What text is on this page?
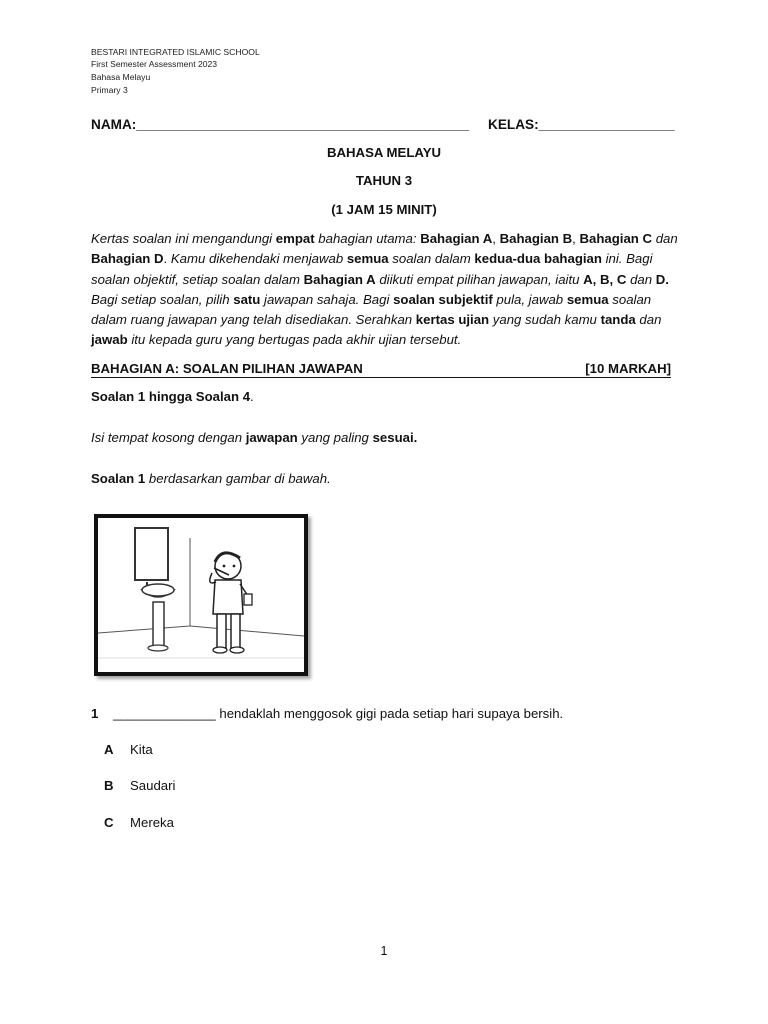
BESTARI INTEGRATED ISLAMIC SCHOOL
First Semester Assessment 2023
Bahasa Melayu
Primary 3
NAMA:____________________________________________ KELAS:__________________
BAHASA MELAYU
TAHUN 3
(1 JAM 15 MINIT)
Kertas soalan ini mengandungi empat bahagian utama: Bahagian A, Bahagian B, Bahagian C dan Bahagian D. Kamu dikehendaki menjawab semua soalan dalam kedua-dua bahagian ini. Bagi soalan objektif, setiap soalan dalam Bahagian A diikuti empat pilihan jawapan, iaitu A, B, C dan D. Bagi setiap soalan, pilih satu jawapan sahaja. Bagi soalan subjektif pula, jawab semua soalan dalam ruang jawapan yang telah disediakan. Serahkan kertas ujian yang sudah kamu tanda dan jawab itu kepada guru yang bertugas pada akhir ujian tersebut.
BAHAGIAN A: SOALAN PILIHAN JAWAPAN	[10 MARKAH]
Soalan 1 hingga Soalan 4.
Isi tempat kosong dengan jawapan yang paling sesuai.
Soalan 1 berdasarkan gambar di bawah.
1 ______________ hendaklah menggosok gigi pada setiap hari supaya bersih.
A Kita
B Saudari
C Mereka
1
